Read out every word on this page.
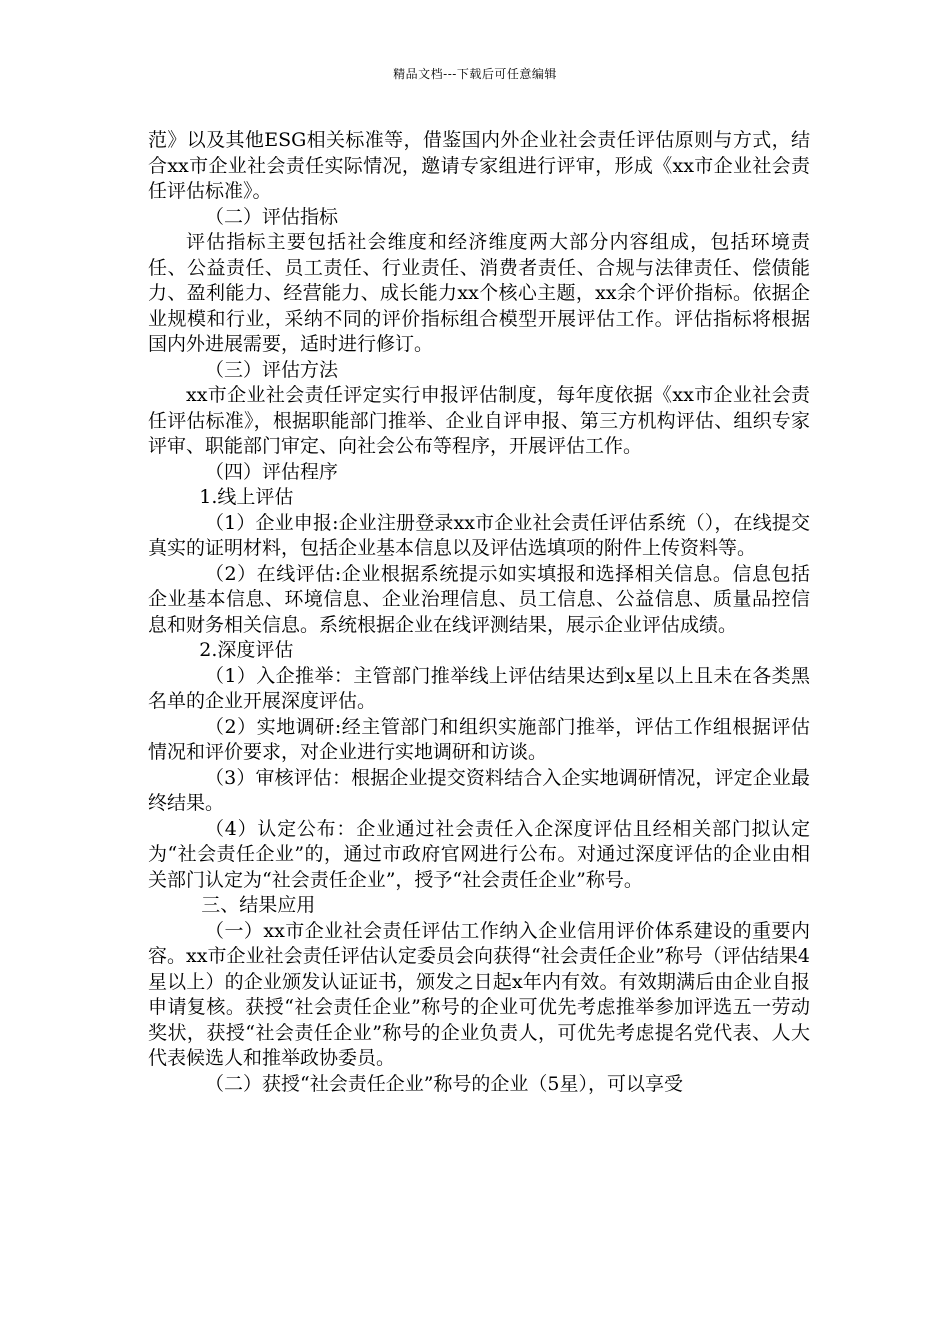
精品文档---下载后可任意编辑

范》以及其他ESG相关标准等，借鉴国内外企业社会责任评估原则与方式，结合xx市企业社会责任实际情况，邀请专家组进行评审，形成《xx市企业社会责任评估标准》。

（二）评估指标

评估指标主要包括社会维度和经济维度两大部分内容组成，包括环境责任、公益责任、员工责任、行业责任、消费者责任、合规与法律责任、偿债能力、盈利能力、经营能力、成长能力xx个核心主题，xx余个评价指标。依据企业规模和行业，采纳不同的评价指标组合模型开展评估工作。评估指标将根据国内外进展需要，适时进行修订。

（三）评估方法

xx市企业社会责任评定实行申报评估制度，每年度依据《xx市企业社会责任评估标准》，根据职能部门推举、企业自评申报、第三方机构评估、组织专家评审、职能部门审定、向社会公布等程序，开展评估工作。

（四）评估程序

1.线上评估

（1）企业申报:企业注册登录xx市企业社会责任评估系统（），在线提交真实的证明材料，包括企业基本信息以及评估选填项的附件上传资料等。

（2）在线评估:企业根据系统提示如实填报和选择相关信息。信息包括企业基本信息、环境信息、企业治理信息、员工信息、公益信息、质量品控信息和财务相关信息。系统根据企业在线评测结果，展示企业评估成绩。

2.深度评估

（1）入企推举：主管部门推举线上评估结果达到x星以上且未在各类黑名单的企业开展深度评估。

（2）实地调研:经主管部门和组织实施部门推举，评估工作组根据评估情况和评价要求，对企业进行实地调研和访谈。

（3）审核评估：根据企业提交资料结合入企实地调研情况，评定企业最终结果。

（4）认定公布：企业通过社会责任入企深度评估且经相关部门拟认定为“社会责任企业”的，通过市政府官网进行公布。对通过深度评估的企业由相关部门认定为“社会责任企业”，授予“社会责任企业”称号。

三、结果应用

（一）xx市企业社会责任评估工作纳入企业信用评价体系建设的重要内容。xx市企业社会责任评估认定委员会向获得“社会责任企业”称号（评估结果4星以上）的企业颁发认证证书，颁发之日起x年内有效。有效期满后由企业自报申请复核。获授“社会责任企业”称号的企业可优先考虑推举参加评选五一劳动奖状，获授“社会责任企业”称号的企业负责人，可优先考虑提名党代表、人大代表候选人和推举政协委员。

（二）获授“社会责任企业”称号的企业（5星），可以享受
